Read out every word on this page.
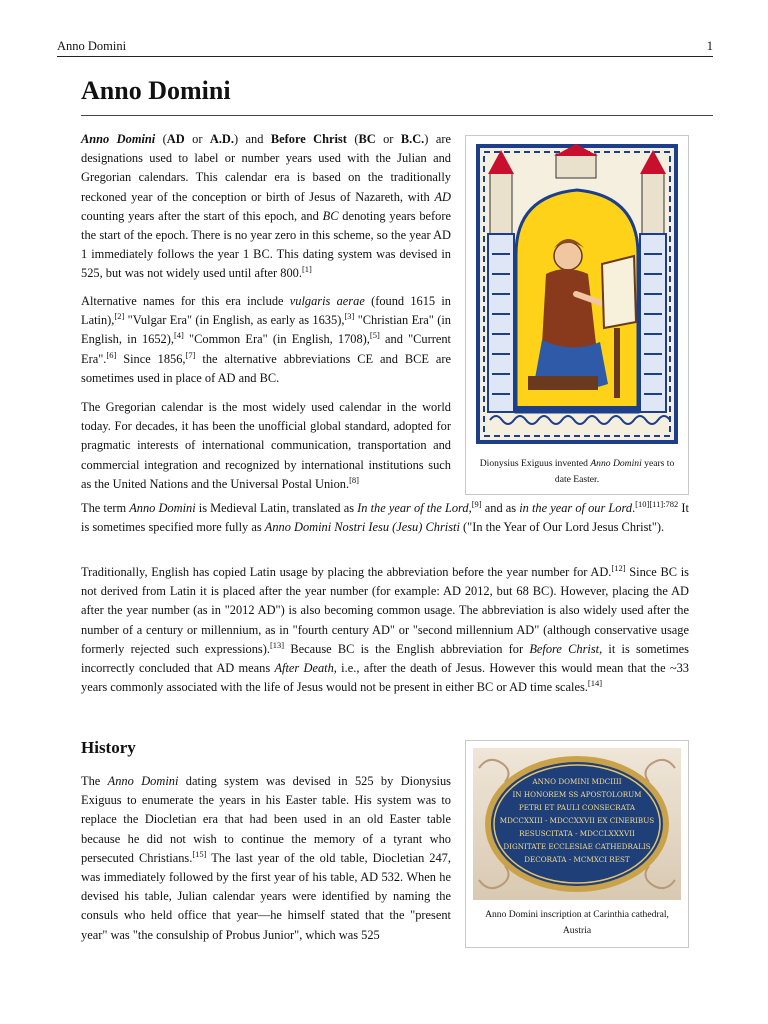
Anno Domini	1
Anno Domini

Anno Domini (AD or A.D.) and Before Christ (BC or B.C.) are designations used to label or number years used with the Julian and Gregorian calendars. This calendar era is based on the traditionally reckoned year of the conception or birth of Jesus of Nazareth, with AD counting years after the start of this epoch, and BC denoting years before the start of the epoch. There is no year zero in this scheme, so the year AD 1 immediately follows the year 1 BC. This dating system was devised in 525, but was not widely used until after 800.[1]

Alternative names for this era include vulgaris aerae (found 1615 in Latin),[2] "Vulgar Era" (in English, as early as 1635),[3] "Christian Era" (in English, in 1652),[4] "Common Era" (in English, 1708),[5] and "Current Era".[6] Since 1856,[7] the alternative abbreviations CE and BCE are sometimes used in place of AD and BC.

The Gregorian calendar is the most widely used calendar in the world today. For decades, it has been the unofficial global standard, adopted for pragmatic interests of international communication, transportation and commercial integration and recognized by international institutions such as the United Nations and the Universal Postal Union.[8]

The term Anno Domini is Medieval Latin, translated as In the year of the Lord,[9] and as in the year of our Lord.$^{[10][11]:782}$ It is sometimes specified more fully as Anno Domini Nostri Iesu (Jesu) Christi ("In the Year of Our Lord Jesus Christ").

Traditionally, English has copied Latin usage by placing the abbreviation before the year number for AD.[12] Since BC is not derived from Latin it is placed after the year number (for example: AD 2012, but 68 BC). However, placing the AD after the year number (as in "2012 AD") is also becoming common usage. The abbreviation is also widely used after the number of a century or millennium, as in "fourth century AD" or "second millennium AD" (although conservative usage formerly rejected such expressions).[13] Because BC is the English abbreviation for Before Christ, it is sometimes incorrectly concluded that AD means After Death, i.e., after the death of Jesus. However this would mean that the ~33 years commonly associated with the life of Jesus would not be present in either BC or AD time scales.[14]

History

The Anno Domini dating system was devised in 525 by Dionysius Exiguus to enumerate the years in his Easter table. His system was to replace the Diocletian era that had been used in an old Easter table because he did not wish to continue the memory of a tyrant who persecuted Christians.[15] The last year of the old table, Diocletian 247, was immediately followed by the first year of his table, AD 532. When he devised his table, Julian calendar years were identified by naming the consuls who held office that year—he himself stated that the "present year" was "the consulship of Probus Junior", which was 525

Dionysius Exiguus invented Anno Domini years to date Easter.
ANNO DOMINI MDCIIII
IN HONOREM SS APOSTOLORUM
PETRI ET PAULI CONSECRATA
MDCCXXIII - MDCCXXVII EX CINERIBUS
RESUSCITATA - MDCCLXXXVII
DIGNITATE ECCLESIAE CATHEDRALIS
DECORATA - MCMXCI REST
Anno Domini inscription at Carinthia cathedral, Austria
